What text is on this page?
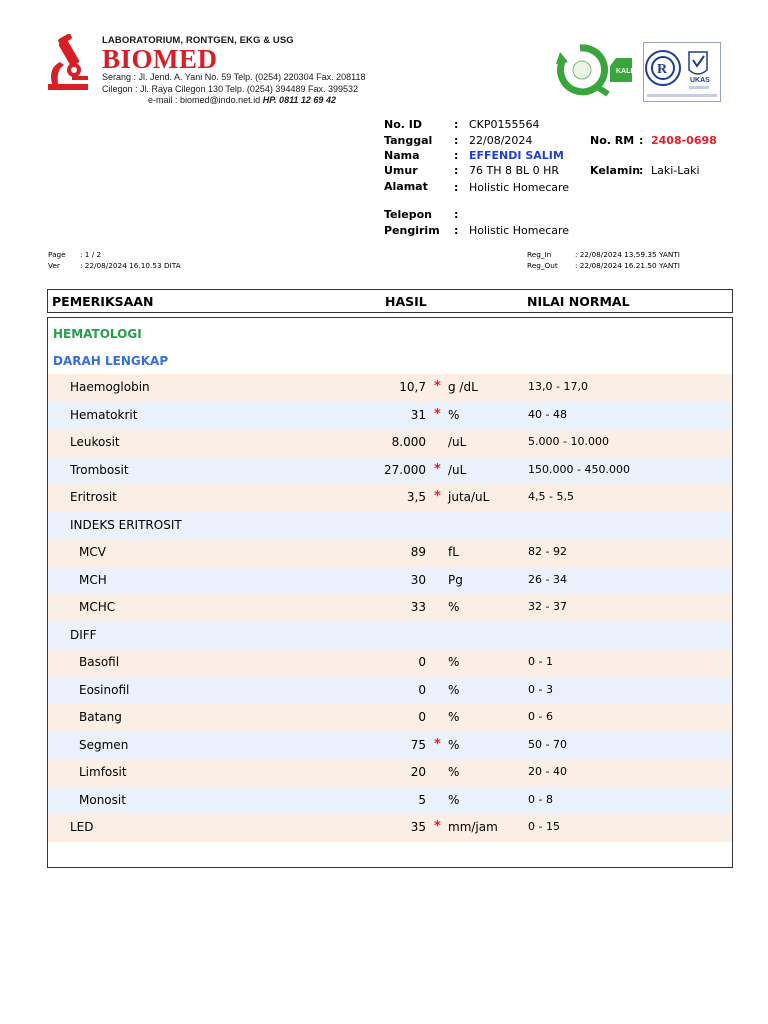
LABORATORIUM, RONTGEN, EKG & USG
BIOMED
Serang : Jl. Jend. A. Yani No. 59 Telp. (0254) 220304 Fax. 208118
Cilegon : Jl. Raya Cilegon 130 Telp. (0254) 394489 Fax. 399532
e-mail : biomed@indo.net.id HP. 0811 12 69 42
KALK R
UKAS
No. ID	: CKP0155564
Tanggal : 22/08/2024
Nama	: EFFENDI SALIM
Umur	: 76 TH 8 BL 0 HR
Alamat : Holistic Homecare
Telepon :
Pengirim : Holistic Homecare
No. RM : 2408-0698
Kelamin
: Laki-Laki
Page : 1 / 2
Ver	: 22/08/2024 16.10.53 DITA
Reg_In	: 22/08/2024 13.59.35 YANTI
Reg_Out : 22/08/2024 16.21.50 YANTI
PEMERIKSAAN	HASIL	NILAI NORMAL
HEMATOLOGI
DARAH LENGKAP
Haemoglobin	10,7 * g /dL	13,0 - 17,0
Hematokrit	31 * %	40 - 48
Leukosit	8.000 /uL	5.000 - 10.000
Trombosit	27.000 * /uL	150.000 - 450.000
Eritrosit	3,5 * juta/uL	4,5 - 5,5
INDEKS ERITROSIT
MCV	89 fL	82 - 92
MCH	30 Pg	26 - 34
MCHC	33 %	32 - 37
DIFF
Basofil	0 %	0 - 1
Eosinofil	0 %	0 - 3
Batang	0 %	0 - 6
Segmen	75 * %	50 - 70
Limfosit	20 %	20 - 40
Monosit	5 %	0 - 8
LED	35 * mm/jam	0 - 15
